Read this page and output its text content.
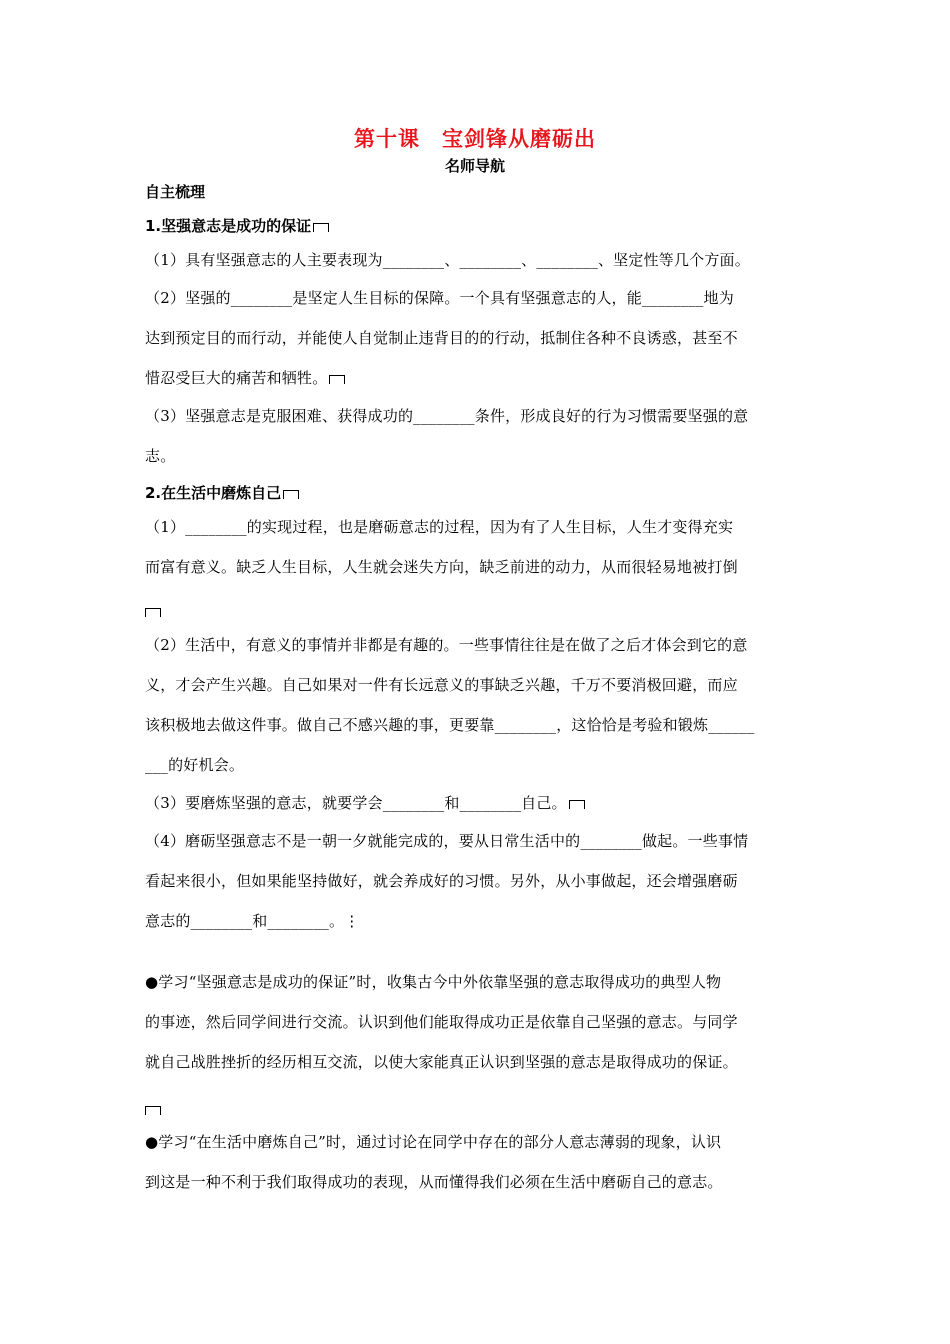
第十课　宝剑锋从磨砺出
名师导航
自主梳理
1.坚强意志是成功的保证
（1）具有坚强意志的人主要表现为________、________、________、坚定性等几个方面。
（2）坚强的________是坚定人生目标的保障。一个具有坚强意志的人，能________地为
达到预定目的而行动，并能使人自觉制止违背目的的行动，抵制住各种不良诱惑，甚至不
惜忍受巨大的痛苦和牺牲。
（3）坚强意志是克服困难、获得成功的________条件，形成良好的行为习惯需要坚强的意
志。
2.在生活中磨炼自己
（1）________的实现过程，也是磨砺意志的过程，因为有了人生目标，人生才变得充实
而富有意义。缺乏人生目标，人生就会迷失方向，缺乏前进的动力，从而很轻易地被打倒
（2）生活中，有意义的事情并非都是有趣的。一些事情往往是在做了之后才体会到它的意
义，才会产生兴趣。自己如果对一件有长远意义的事缺乏兴趣，千万不要消极回避，而应
该积极地去做这件事。做自己不感兴趣的事，更要靠________，这恰恰是考验和锻炼______
___的好机会。
（3）要磨炼坚强的意志，就要学会________和________自己。
（4）磨砺坚强意志不是一朝一夕就能完成的，要从日常生活中的________做起。一些事情
看起来很小，但如果能坚持做好，就会养成好的习惯。另外，从小事做起，还会增强磨砺
意志的________和________。⋮
●学习“坚强意志是成功的保证”时，收集古今中外依靠坚强的意志取得成功的典型人物
的事迹，然后同学间进行交流。认识到他们能取得成功正是依靠自己坚强的意志。与同学
就自己战胜挫折的经历相互交流，以使大家能真正认识到坚强的意志是取得成功的保证。
●学习“在生活中磨炼自己”时，通过讨论在同学中存在的部分人意志薄弱的现象，认识
到这是一种不利于我们取得成功的表现，从而懂得我们必须在生活中磨砺自己的意志。
